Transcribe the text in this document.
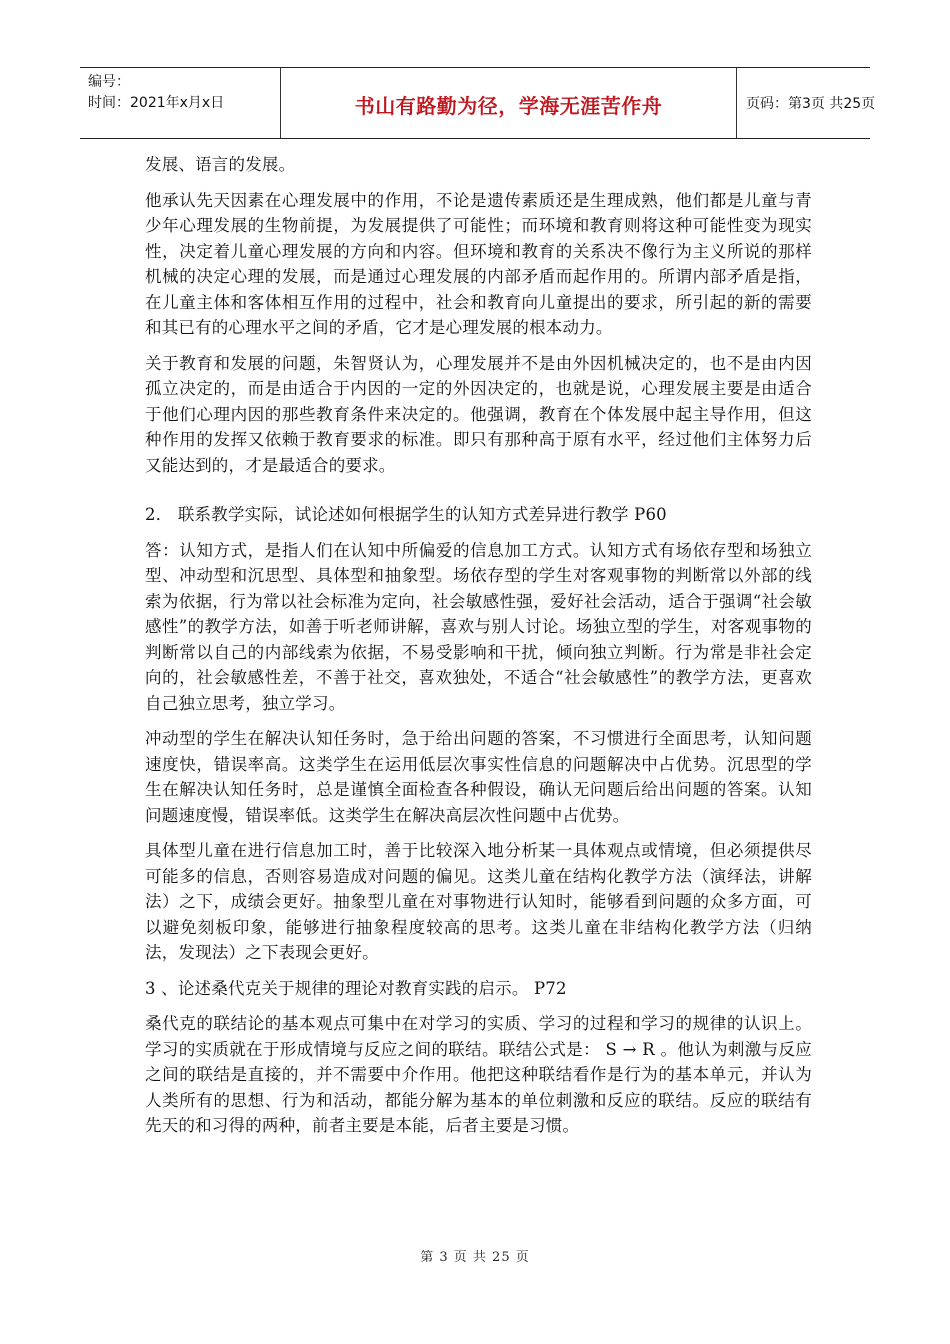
编号：
时间：2021年x月x日	书山有路勤为径，学海无涯苦作舟	页码：第3页 共25页

发展、语言的发展。

他承认先天因素在心理发展中的作用，不论是遗传素质还是生理成熟，他们都是儿童与青少年心理发展的生物前提，为发展提供了可能性；而环境和教育则将这种可能性变为现实性，决定着儿童心理发展的方向和内容。但环境和教育的关系决不像行为主义所说的那样机械的决定心理的发展，而是通过心理发展的内部矛盾而起作用的。所谓内部矛盾是指，在儿童主体和客体相互作用的过程中，社会和教育向儿童提出的要求，所引起的新的需要和其已有的心理水平之间的矛盾，它才是心理发展的根本动力。

关于教育和发展的问题，朱智贤认为，心理发展并不是由外因机械决定的，也不是由内因孤立决定的，而是由适合于内因的一定的外因决定的，也就是说，心理发展主要是由适合于他们心理内因的那些教育条件来决定的。他强调，教育在个体发展中起主导作用，但这种作用的发挥又依赖于教育要求的标准。即只有那种高于原有水平，经过他们主体努力后又能达到的，才是最适合的要求。

2． 联系教学实际，试论述如何根据学生的认知方式差异进行教学 P60

答：认知方式，是指人们在认知中所偏爱的信息加工方式。认知方式有场依存型和场独立型、冲动型和沉思型、具体型和抽象型。场依存型的学生对客观事物的判断常以外部的线索为依据，行为常以社会标准为定向，社会敏感性强，爱好社会活动，适合于强调“社会敏感性”的教学方法，如善于听老师讲解，喜欢与别人讨论。场独立型的学生，对客观事物的判断常以自己的内部线索为依据，不易受影响和干扰，倾向独立判断。行为常是非社会定向的，社会敏感性差，不善于社交，喜欢独处，不适合“社会敏感性”的教学方法，更喜欢自己独立思考，独立学习。

冲动型的学生在解决认知任务时，急于给出问题的答案，不习惯进行全面思考，认知问题速度快，错误率高。这类学生在运用低层次事实性信息的问题解决中占优势。沉思型的学生在解决认知任务时，总是谨慎全面检查各种假设，确认无问题后给出问题的答案。认知问题速度慢，错误率低。这类学生在解决高层次性问题中占优势。

具体型儿童在进行信息加工时，善于比较深入地分析某一具体观点或情境，但必须提供尽可能多的信息，否则容易造成对问题的偏见。这类儿童在结构化教学方法（演绎法，讲解法）之下，成绩会更好。抽象型儿童在对事物进行认知时，能够看到问题的众多方面，可以避免刻板印象，能够进行抽象程度较高的思考。这类儿童在非结构化教学方法（归纳法，发现法）之下表现会更好。

3 、论述桑代克关于规律的理论对教育实践的启示。 P72

桑代克的联结论的基本观点可集中在对学习的实质、学习的过程和学习的规律的认识上。学习的实质就在于形成情境与反应之间的联结。联结公式是： S → R 。他认为刺激与反应之间的联结是直接的，并不需要中介作用。他把这种联结看作是行为的基本单元，并认为人类所有的思想、行为和活动，都能分解为基本的单位刺激和反应的联结。反应的联结有先天的和习得的两种，前者主要是本能，后者主要是习惯。

第 3 页 共 25 页
